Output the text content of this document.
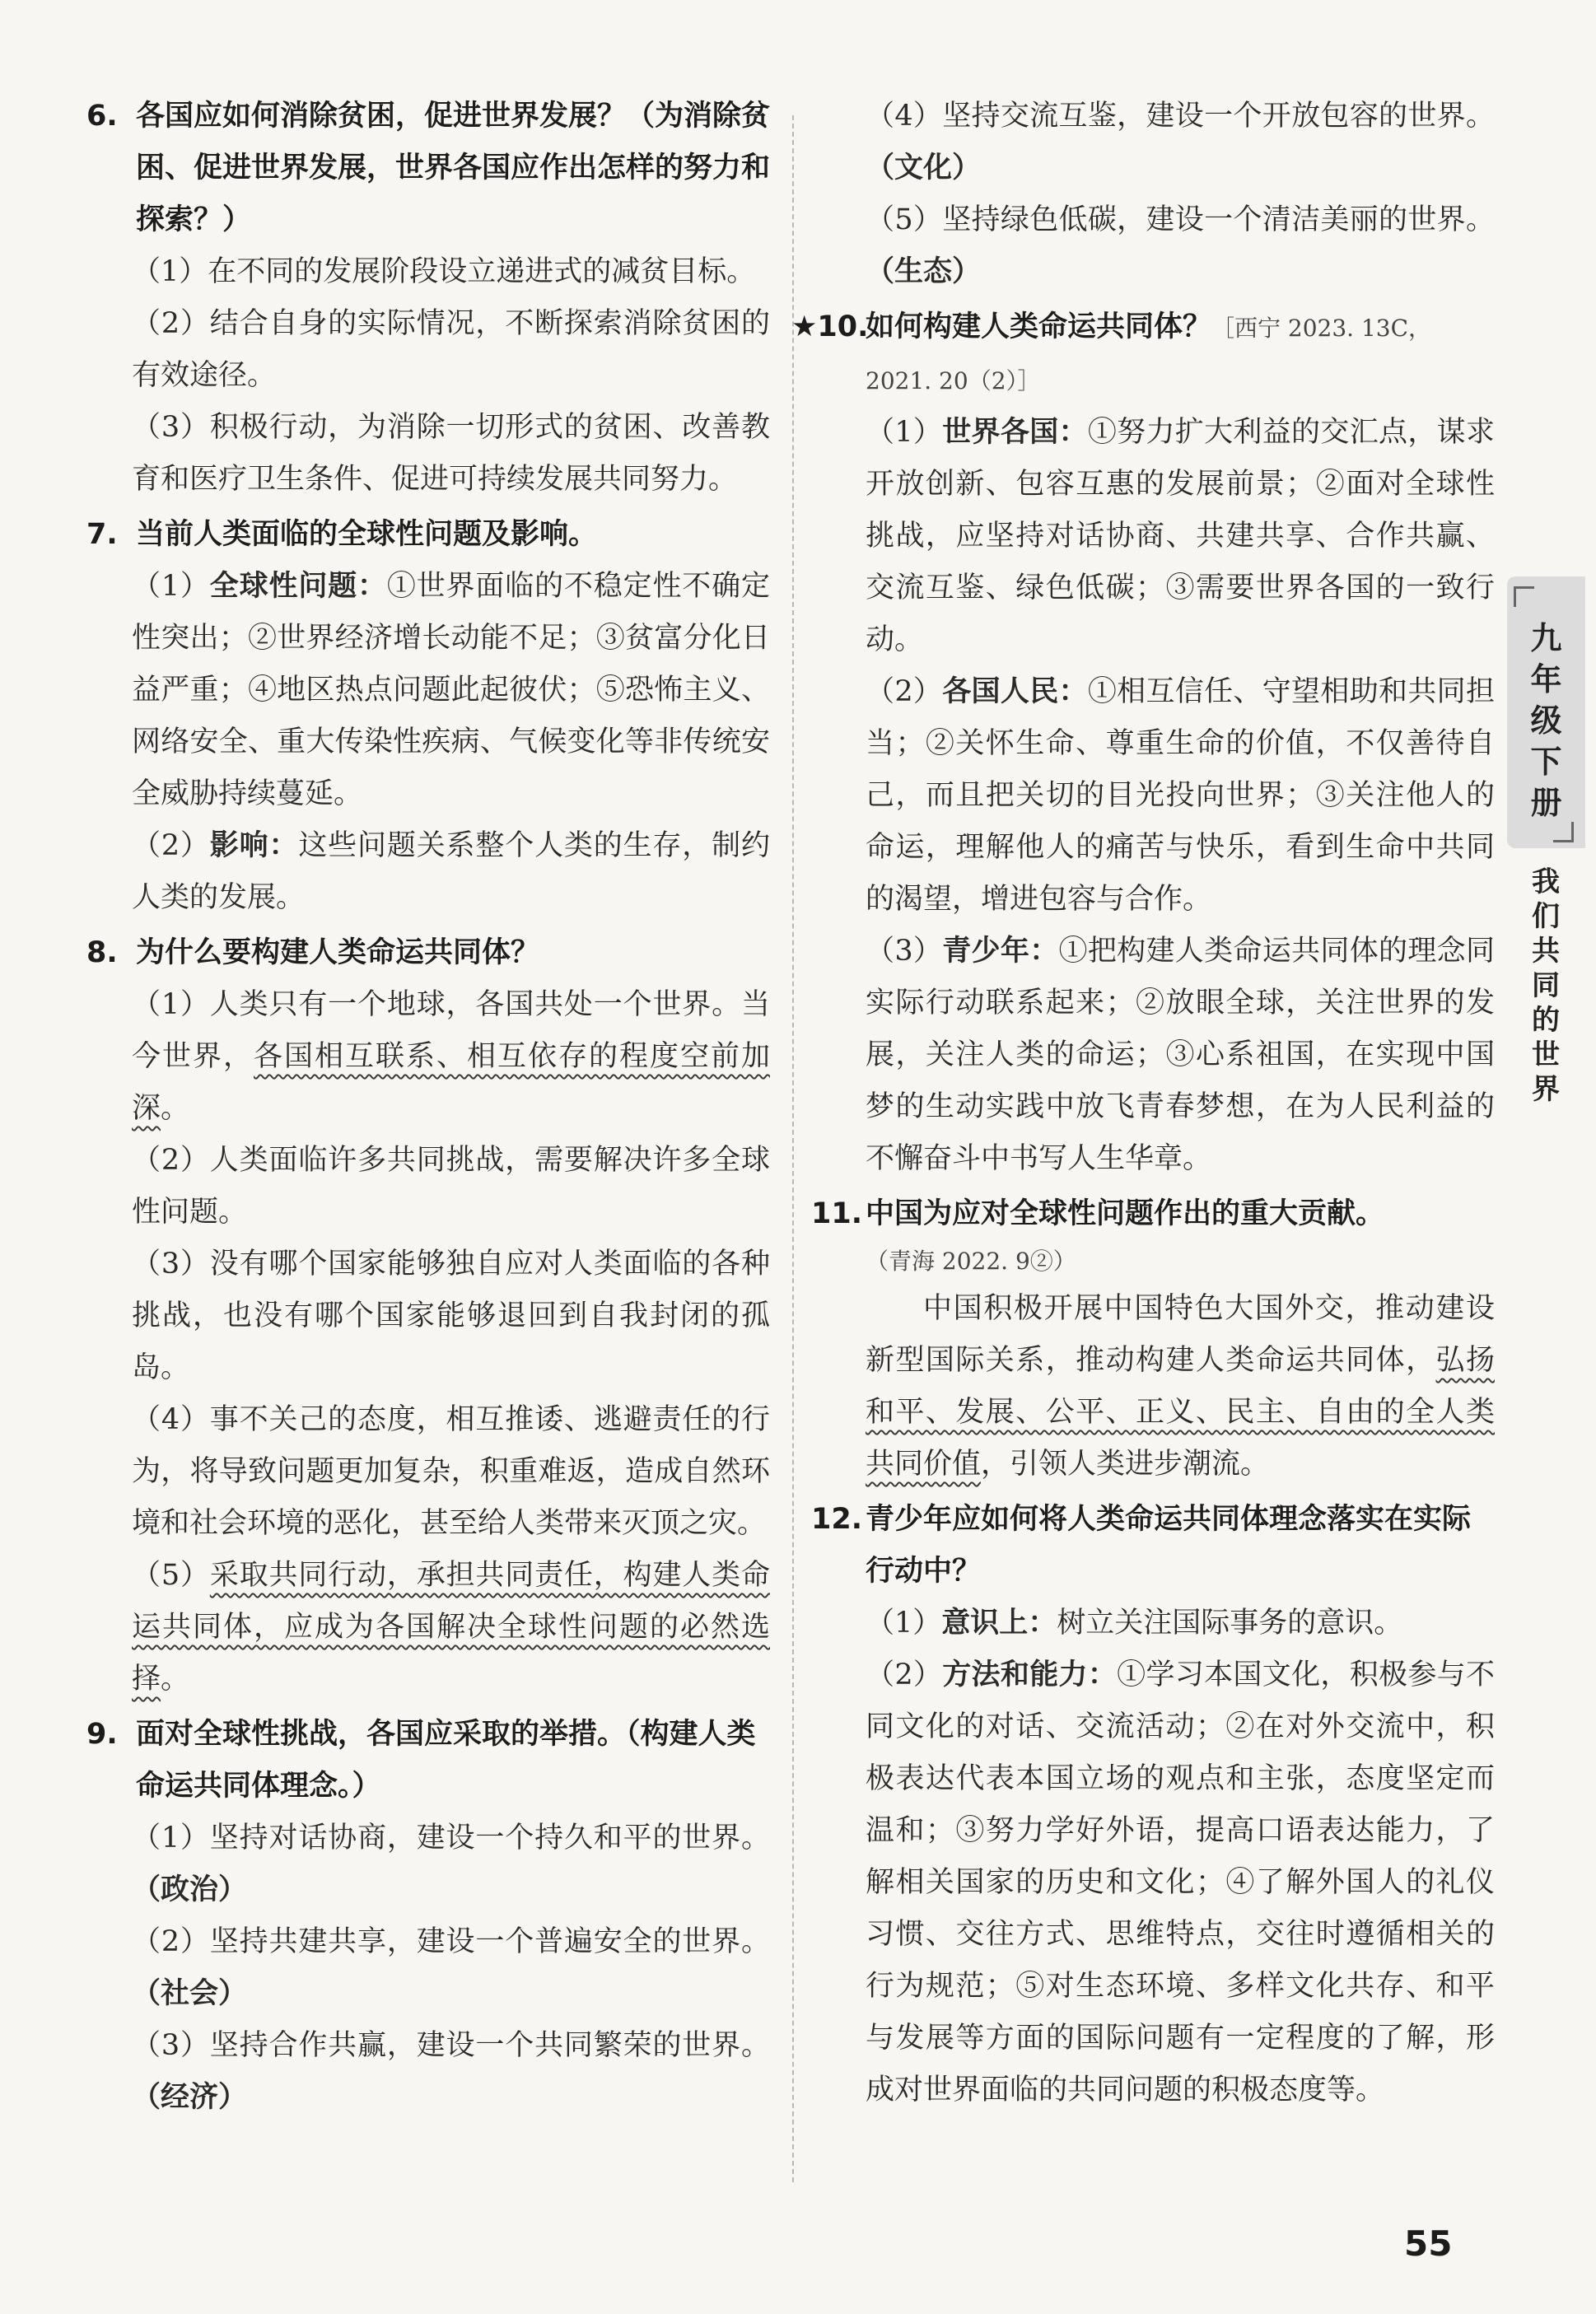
6. 各国应如何消除贫困，促进世界发展？（为消除贫困、促进世界发展，世界各国应作出怎样的努力和探索？）

（1）在不同的发展阶段设立递进式的减贫目标。

（2）结合自身的实际情况，不断探索消除贫困的有效途径。

（3）积极行动，为消除一切形式的贫困、改善教育和医疗卫生条件、促进可持续发展共同努力。

7. 当前人类面临的全球性问题及影响。

（1）全球性问题：①世界面临的不稳定性不确定性突出；②世界经济增长动能不足；③贫富分化日益严重；④地区热点问题此起彼伏；⑤恐怖主义、网络安全、重大传染性疾病、气候变化等非传统安全威胁持续蔓延。

（2）影响：这些问题关系整个人类的生存，制约人类的发展。

8. 为什么要构建人类命运共同体？

（1）人类只有一个地球，各国共处一个世界。当今世界，各国相互联系、相互依存的程度空前加深。

（2）人类面临许多共同挑战，需要解决许多全球性问题。

（3）没有哪个国家能够独自应对人类面临的各种挑战，也没有哪个国家能够退回到自我封闭的孤岛。

（4）事不关己的态度，相互推诿、逃避责任的行为，将导致问题更加复杂，积重难返，造成自然环境和社会环境的恶化，甚至给人类带来灭顶之灾。

（5）采取共同行动，承担共同责任，构建人类命运共同体，应成为各国解决全球性问题的必然选择。

9. 面对全球性挑战，各国应采取的举措。（构建人类命运共同体理念。）

（1）坚持对话协商，建设一个持久和平的世界。（政治）

（2）坚持共建共享，建设一个普遍安全的世界。（社会）

（3）坚持合作共赢，建设一个共同繁荣的世界。（经济）

（4）坚持交流互鉴，建设一个开放包容的世界。（文化）

（5）坚持绿色低碳，建设一个清洁美丽的世界。（生态）

★10.如何构建人类命运共同体？［西宁 2023. 13C，2021. 20（2）］

（1）世界各国：①努力扩大利益的交汇点，谋求开放创新、包容互惠的发展前景；②面对全球性挑战，应坚持对话协商、共建共享、合作共赢、交流互鉴、绿色低碳；③需要世界各国的一致行动。

（2）各国人民：①相互信任、守望相助和共同担当；②关怀生命、尊重生命的价值，不仅善待自己，而且把关切的目光投向世界；③关注他人的命运，理解他人的痛苦与快乐，看到生命中共同的渴望，增进包容与合作。

（3）青少年：①把构建人类命运共同体的理念同实际行动联系起来；②放眼全球，关注世界的发展，关注人类的命运；③心系祖国，在实现中国梦的生动实践中放飞青春梦想，在为人民利益的不懈奋斗中书写人生华章。

11. 中国为应对全球性问题作出的重大贡献。
（青海 2022. 9②）

中国积极开展中国特色大国外交，推动建设新型国际关系，推动构建人类命运共同体，弘扬和平、发展、公平、正义、民主、自由的全人类共同价值，引领人类进步潮流。

12. 青少年应如何将人类命运共同体理念落实在实际行动中？

（1）意识上：树立关注国际事务的意识。

（2）方法和能力：①学习本国文化，积极参与不同文化的对话、交流活动；②在对外交流中，积极表达代表本国立场的观点和主张，态度坚定而温和；③努力学好外语，提高口语表达能力，了解相关国家的历史和文化；④了解外国人的礼仪习惯、交往方式、思维特点，交往时遵循相关的行为规范；⑤对生态环境、多样文化共存、和平与发展等方面的国际问题有一定程度的了解，形成对世界面临的共同问题的积极态度等。

九年级下册
我们共同的世界
55
